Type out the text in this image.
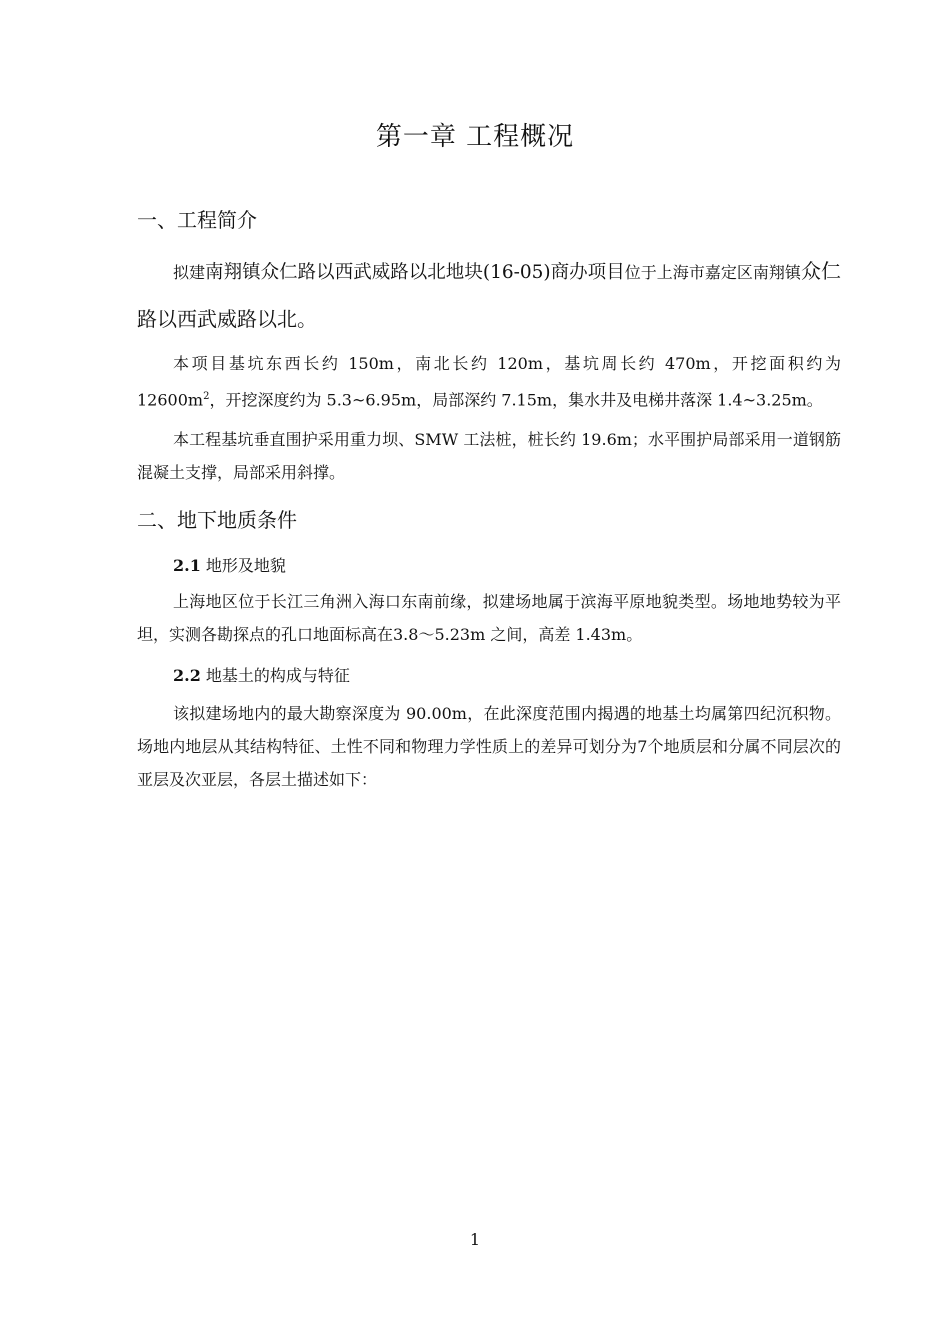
第一章 工程概况
一、工程简介

拟建南翔镇众仁路以西武威路以北地块(16-05)商办项目位于上海市嘉定区南翔镇众仁路以西武威路以北。

本项目基坑东西长约 150m，南北长约 120m，基坑周长约 470m，开挖面积约为 $12600m^2$，开挖深度约为 5.3~6.95m，局部深约 7.15m，集水井及电梯井落深 1.4~3.25m。

本工程基坑垂直围护采用重力坝、SMW 工法桩，桩长约 19.6m；水平围护局部采用一道钢筋混凝土支撑，局部采用斜撑。

二、地下地质条件
2.1 地形及地貌

上海地区位于长江三角洲入海口东南前缘，拟建场地属于滨海平原地貌类型。场地地势较为平坦，实测各勘探点的孔口地面标高在3.8～5.23m 之间，高差 1.43m。

2.2 地基土的构成与特征

该拟建场地内的最大勘察深度为 90.00m，在此深度范围内揭遇的地基土均属第四纪沉积物。场地内地层从其结构特征、土性不同和物理力学性质上的差异可划分为7个地质层和分属不同层次的亚层及次亚层，各层土描述如下：

1
